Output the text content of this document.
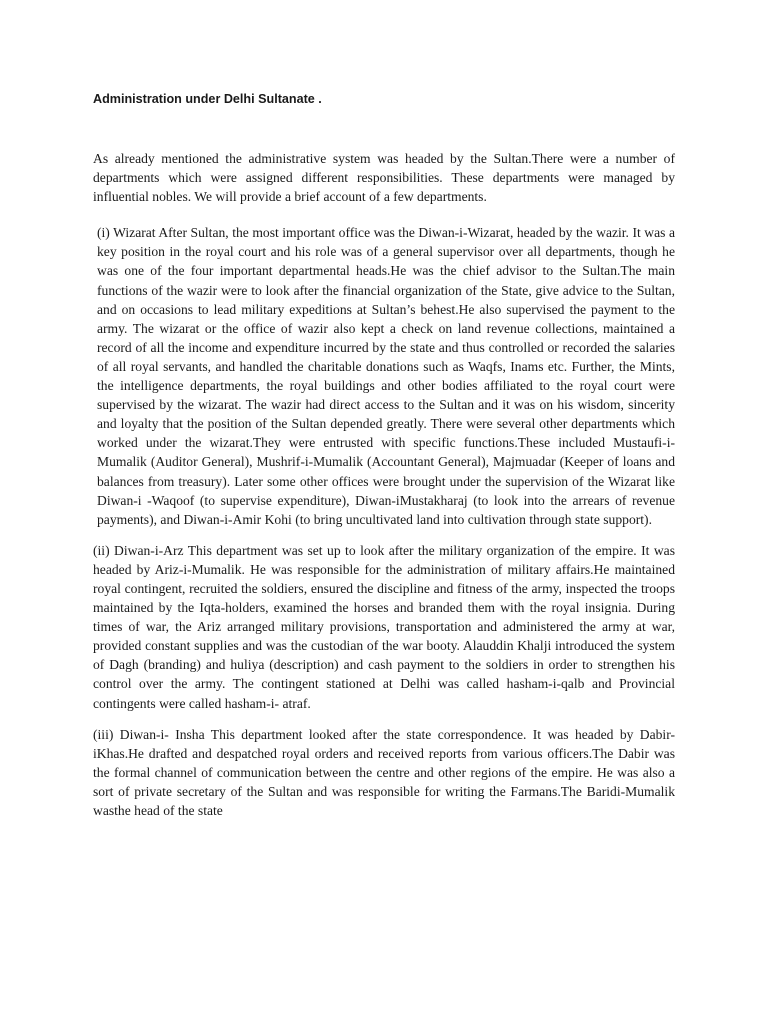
Administration under Delhi Sultanate .

As already mentioned the administrative system was headed by the Sultan.There were a number of departments which were assigned different responsibilities. These departments were managed by influential nobles. We will provide a brief account of a few departments.

(i) Wizarat After Sultan, the most important office was the Diwan-i-Wizarat, headed by the wazir. It was a key position in the royal court and his role was of a general supervisor over all departments, though he was one of the four important departmental heads.He was the chief advisor to the Sultan.The main functions of the wazir were to look after the financial organization of the State, give advice to the Sultan, and on occasions to lead military expeditions at Sultan’s behest.He also supervised the payment to the army. The wizarat or the office of wazir also kept a check on land revenue collections, maintained a record of all the income and expenditure incurred by the state and thus controlled or recorded the salaries of all royal servants, and handled the charitable donations such as Waqfs, Inams etc. Further, the Mints, the intelligence departments, the royal buildings and other bodies affiliated to the royal court were supervised by the wizarat. The wazir had direct access to the Sultan and it was on his wisdom, sincerity and loyalty that the position of the Sultan depended greatly. There were several other departments which worked under the wizarat.They were entrusted with specific functions.These included Mustaufi-i-Mumalik (Auditor General), Mushrif-i-Mumalik (Accountant General), Majmuadar (Keeper of loans and balances from treasury). Later some other offices were brought under the supervision of the Wizarat like Diwan-i -Waqoof (to supervise expenditure), Diwan-iMustakharaj (to look into the arrears of revenue payments), and Diwan-i-Amir Kohi (to bring uncultivated land into cultivation through state support).

(ii) Diwan-i-Arz This department was set up to look after the military organization of the empire. It was headed by Ariz-i-Mumalik. He was responsible for the administration of military affairs.He maintained royal contingent, recruited the soldiers, ensured the discipline and fitness of the army, inspected the troops maintained by the Iqta-holders, examined the horses and branded them with the royal insignia. During times of war, the Ariz arranged military provisions, transportation and administered the army at war, provided constant supplies and was the custodian of the war booty. Alauddin Khalji introduced the system of Dagh (branding) and huliya (description) and cash payment to the soldiers in order to strengthen his control over the army. The contingent stationed at Delhi was called hasham-i-qalb and Provincial contingents were called hasham-i- atraf.

(iii) Diwan-i- Insha This department looked after the state correspondence. It was headed by Dabir-iKhas.He drafted and despatched royal orders and received reports from various officers.The Dabir was the formal channel of communication between the centre and other regions of the empire. He was also a sort of private secretary of the Sultan and was responsible for writing the Farmans.The Baridi-Mumalik wasthe head of the state
